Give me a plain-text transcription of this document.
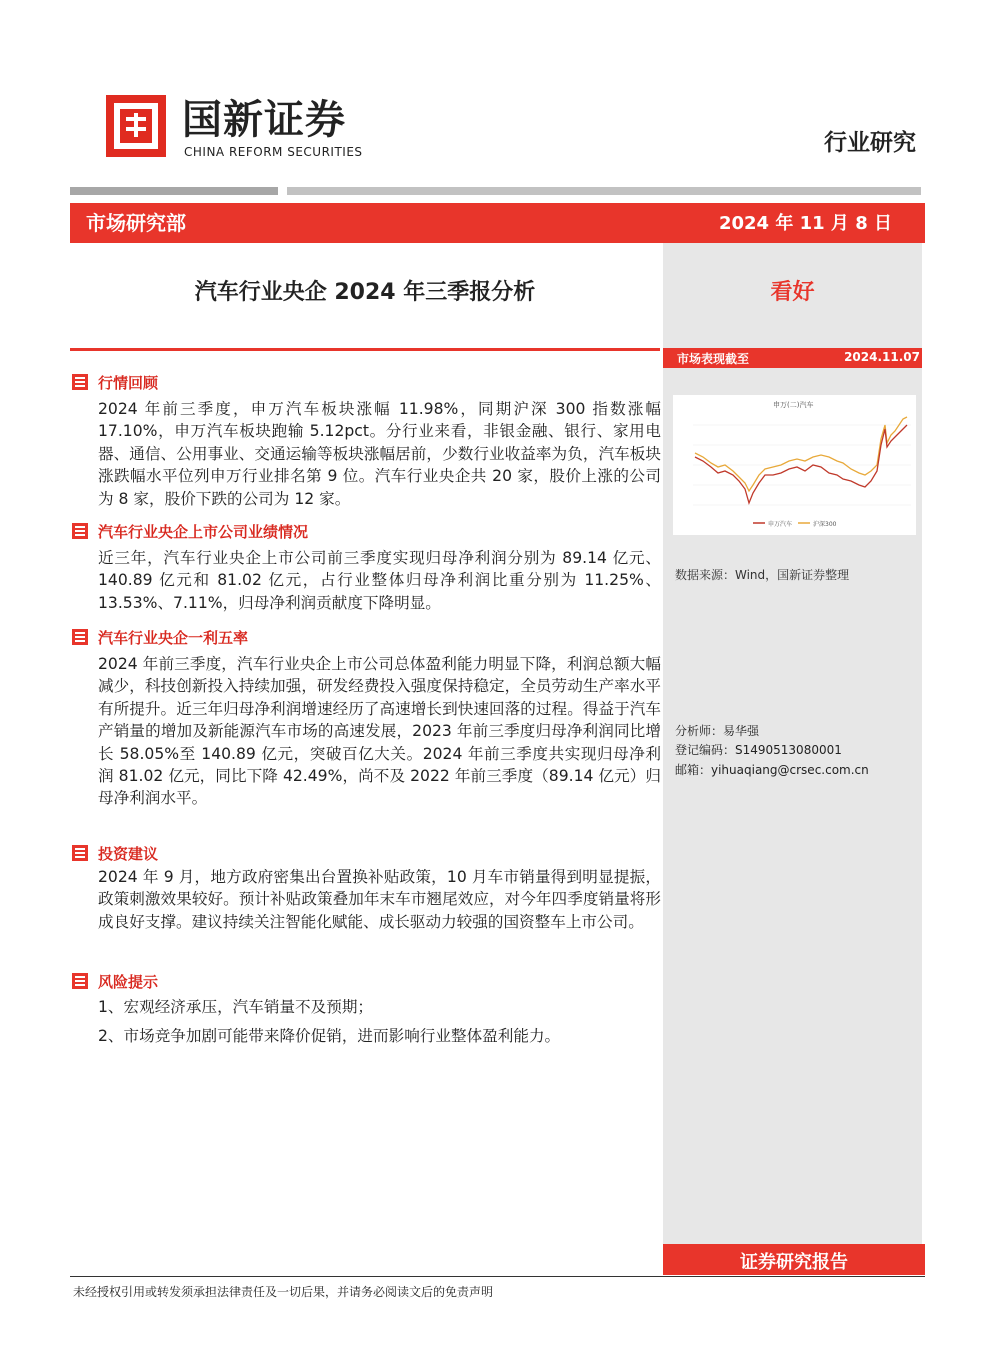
国新证券
CHINA REFORM SECURITIES	行业研究
市场研究部	2024 年 11 月 8 日
汽车行业央企 2024 年三季报分析	看好
市场表现截至	2024.11.07
申万(二)汽车
申万汽车	沪深300
数据来源：Wind，国新证券整理
分析师：易华强
登记编码：S1490513080001
邮箱：yihuaqiang@crsec.com.cn
行情回顾
2024 年前三季度，申万汽车板块涨幅 11.98%，同期沪深 300 指数涨幅 17.10%，申万汽车板块跑输 5.12pct。分行业来看，非银金融、银行、家用电器、通信、公用事业、交通运输等板块涨幅居前，少数行业收益率为负，汽车板块涨跌幅水平位列申万行业排名第 9 位。汽车行业央企共 20 家，股价上涨的公司为 8 家，股价下跌的公司为 12 家。
汽车行业央企上市公司业绩情况
近三年，汽车行业央企上市公司前三季度实现归母净利润分别为 89.14 亿元、140.89 亿元和 81.02 亿元，占行业整体归母净利润比重分别为 11.25%、13.53%、7.11%，归母净利润贡献度下降明显。
汽车行业央企一利五率
2024 年前三季度，汽车行业央企上市公司总体盈利能力明显下降，利润总额大幅减少，科技创新投入持续加强，研发经费投入强度保持稳定，全员劳动生产率水平有所提升。近三年归母净利润增速经历了高速增长到快速回落的过程。得益于汽车产销量的增加及新能源汽车市场的高速发展，2023 年前三季度归母净利润同比增长 58.05%至 140.89 亿元，突破百亿大关。2024 年前三季度共实现归母净利润 81.02 亿元，同比下降 42.49%，尚不及 2022 年前三季度（89.14 亿元）归母净利润水平。
投资建议
2024 年 9 月，地方政府密集出台置换补贴政策，10 月车市销量得到明显提振，政策刺激效果较好。预计补贴政策叠加年末车市翘尾效应，对今年四季度销量将形成良好支撑。建议持续关注智能化赋能、成长驱动力较强的国资整车上市公司。
风险提示
1、宏观经济承压，汽车销量不及预期；
2、市场竞争加剧可能带来降价促销，进而影响行业整体盈利能力。
证券研究报告
未经授权引用或转发须承担法律责任及一切后果，并请务必阅读文后的免责声明
